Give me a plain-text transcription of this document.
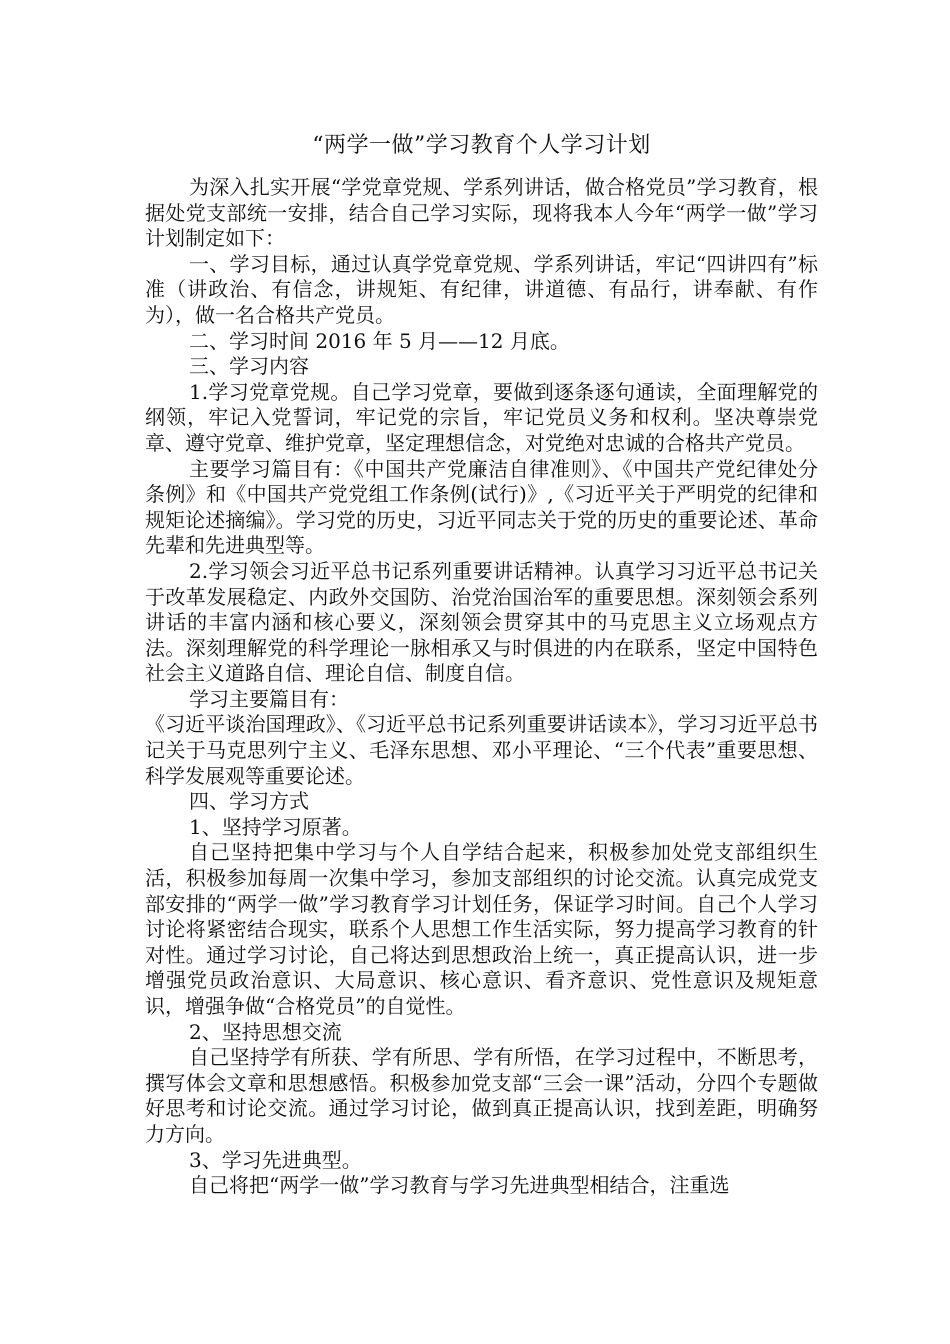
“两学一做”学习教育个人学习计划

为深入扎实开展“学党章党规、学系列讲话，做合格党员”学习教育，根据处党支部统一安排，结合自己学习实际，现将我本人今年“两学一做”学习计划制定如下：

一、学习目标，通过认真学党章党规、学系列讲话，牢记“四讲四有”标准（讲政治、有信念，讲规矩、有纪律，讲道德、有品行，讲奉献、有作为），做一名合格共产党员。

二、学习时间 2016 年 5 月——12 月底。

三、学习内容

1.学习党章党规。自己学习党章，要做到逐条逐句通读，全面理解党的纲领，牢记入党誓词，牢记党的宗旨，牢记党员义务和权利。坚决尊崇党章、遵守党章、维护党章，坚定理想信念，对党绝对忠诚的合格共产党员。

主要学习篇目有：《中国共产党廉洁自律准则》、《中国共产党纪律处分条例》和《中国共产党党组工作条例(试行)》,《习近平关于严明党的纪律和规矩论述摘编》。学习党的历史，习近平同志关于党的历史的重要论述、革命先辈和先进典型等。

2.学习领会习近平总书记系列重要讲话精神。认真学习习近平总书记关于改革发展稳定、内政外交国防、治党治国治军的重要思想。深刻领会系列讲话的丰富内涵和核心要义，深刻领会贯穿其中的马克思主义立场观点方法。深刻理解党的科学理论一脉相承又与时俱进的内在联系，坚定中国特色社会主义道路自信、理论自信、制度自信。

学习主要篇目有：

《习近平谈治国理政》、《习近平总书记系列重要讲话读本》，学习习近平总书记关于马克思列宁主义、毛泽东思想、邓小平理论、“三个代表”重要思想、科学发展观等重要论述。

四、学习方式

1、坚持学习原著。

自己坚持把集中学习与个人自学结合起来，积极参加处党支部组织生活，积极参加每周一次集中学习，参加支部组织的讨论交流。认真完成党支部安排的“两学一做”学习教育学习计划任务，保证学习时间。自己个人学习讨论将紧密结合现实，联系个人思想工作生活实际，努力提高学习教育的针对性。通过学习讨论，自己将达到思想政治上统一，真正提高认识，进一步增强党员政治意识、大局意识、核心意识、看齐意识、党性意识及规矩意识，增强争做“合格党员”的自觉性。

2、坚持思想交流

自己坚持学有所获、学有所思、学有所悟，在学习过程中，不断思考，撰写体会文章和思想感悟。积极参加党支部“三会一课”活动，分四个专题做好思考和讨论交流。通过学习讨论，做到真正提高认识，找到差距，明确努力方向。

3、学习先进典型。

自己将把“两学一做”学习教育与学习先进典型相结合，注重选
